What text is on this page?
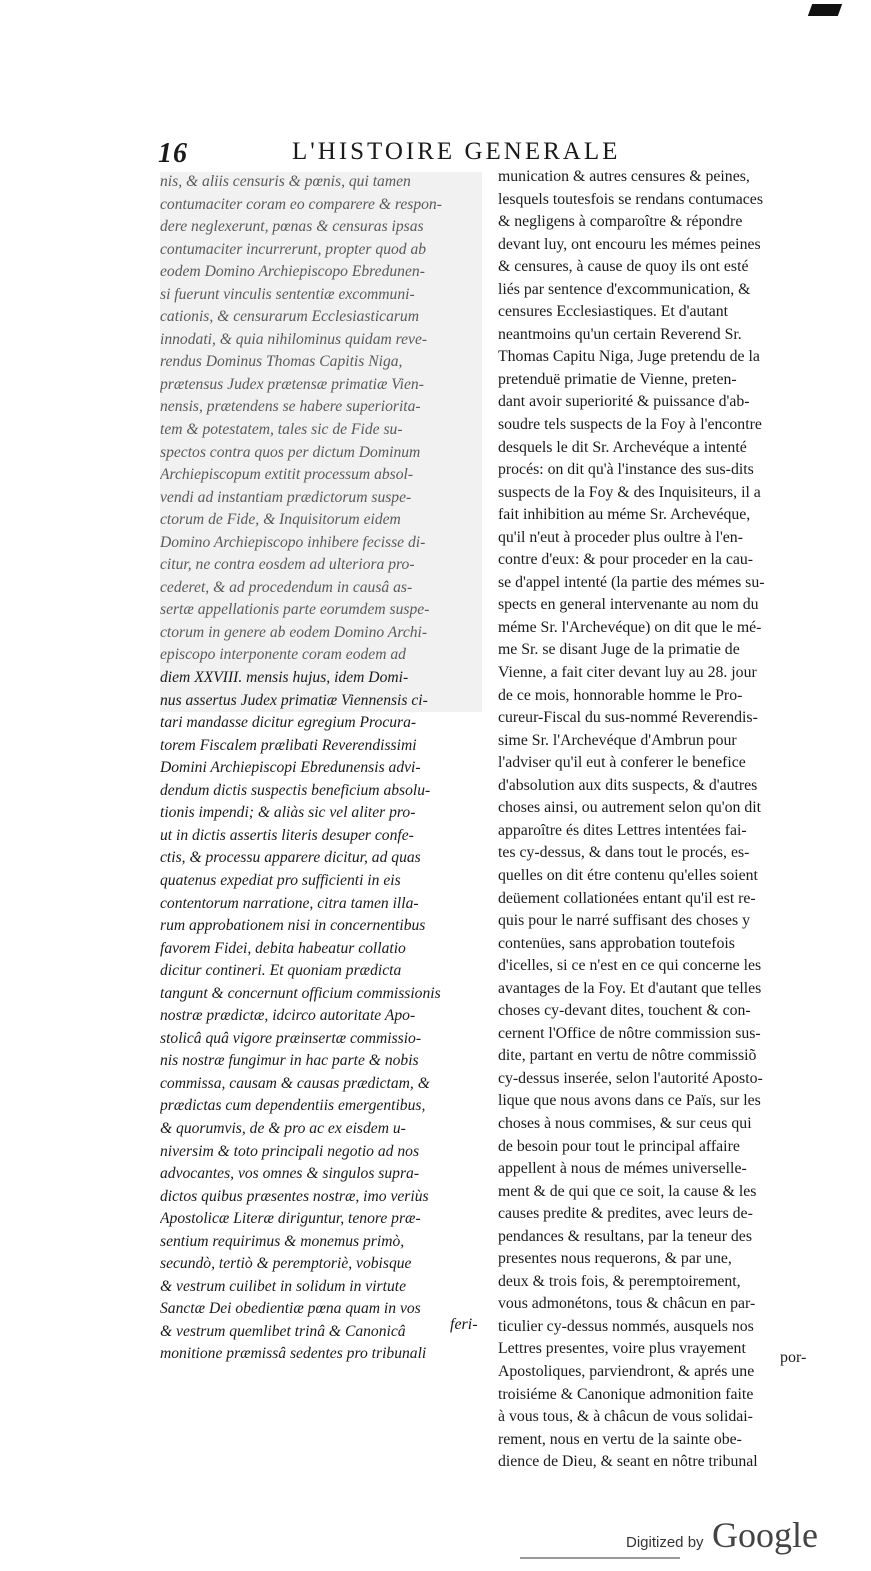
16	L'HISTOIRE GENERALE
nis, & aliis censuris & pœnis, qui tamen
contumaciter coram eo comparere & respon-
dere neglexerunt, pœnas & censuras ipsas
contumaciter incurrerunt, propter quod ab
eodem Domino Archiepiscopo Ebredunen-
si fuerunt vinculis sententiæ excommuni-
cationis, & censurarum Ecclesiasticarum
innodati, & quia nihilominus quidam reve-
rendus Dominus Thomas Capitis Niga,
prætensus Judex prætensæ primatiæ Vien-
nensis, prætendens se habere superiorita-
tem & potestatem, tales sic de Fide su-
spectos contra quos per dictum Dominum
Archiepiscopum extitit processum absol-
vendi ad instantiam prædictorum suspe-
ctorum de Fide, & Inquisitorum eidem
Domino Archiepiscopo inhibere fecisse di-
citur, ne contra eosdem ad ulteriora pro-
cederet, & ad procedendum in causâ as-
sertæ appellationis parte eorumdem suspe-
ctorum in genere ab eodem Domino Archi-
episcopo interponente coram eodem ad
diem XXVIII. mensis hujus, idem Domi-
nus assertus Judex primatiæ Viennensis ci-
tari mandasse dicitur egregium Procura-
torem Fiscalem prælibati Reverendissimi
Domini Archiepiscopi Ebredunensis advi-
dendum dictis suspectis beneficium absolu-
tionis impendi; & aliàs sic vel aliter pro-
ut in dictis assertis literis desuper confe-
ctis, & processu apparere dicitur, ad quas
quatenus expediat pro sufficienti in eis
contentorum narratione, citra tamen illa-
rum approbationem nisi in concernentibus
favorem Fidei, debita habeatur collatio
dicitur contineri. Et quoniam prædicta
tangunt & concernunt officium commissionis
nostræ prædictæ, idcirco autoritate Apo-
stolicâ quâ vigore præinsertæ commissio-
nis nostræ fungimur in hac parte & nobis
commissa, causam & causas prædictam, &
prædictas cum dependentiis emergentibus,
& quorumvis, de & pro ac ex eisdem u-
niversim & toto principali negotio ad nos
advocantes, vos omnes & singulos supra-
dictos quibus præsentes nostræ, imo veriùs
Apostolicæ Literæ diriguntur, tenore præ-
sentium requirimus & monemus primò,
secundò, tertiò & peremptoriè, vobisque
& vestrum cuilibet in solidum in virtute
Sanctæ Dei obedientiæ pœna quam in vos
& vestrum quemlibet trinâ & Canonicâ
monitione præmissâ sedentes pro tribunali
feri-
munication & autres censures & peines,
lesquels toutesfois se rendans contumaces
& negligens à comparoître & répondre
devant luy, ont encouru les mémes peines
& censures, à cause de quoy ils ont esté
liés par sentence d'excommunication, &
censures Ecclesiastiques. Et d'autant
neantmoins qu'un certain Reverend Sr.
Thomas Capitu Niga, Juge pretendu de la
pretenduë primatie de Vienne, preten-
dant avoir superiorité & puissance d'ab-
soudre tels suspects de la Foy à l'encontre
desquels le dit Sr. Archevéque a intenté
procés: on dit qu'à l'instance des sus-dits
suspects de la Foy & des Inquisiteurs, il a
fait inhibition au méme Sr. Archevéque,
qu'il n'eut à proceder plus oultre à l'en-
contre d'eux: & pour proceder en la cau-
se d'appel intenté (la partie des mémes su-
spects en general intervenante au nom du
méme Sr. l'Archevéque) on dit que le mé-
me Sr. se disant Juge de la primatie de
Vienne, a fait citer devant luy au 28. jour
de ce mois, honnorable homme le Pro-
cureur-Fiscal du sus-nommé Reverendis-
sime Sr. l'Archevéque d'Ambrun pour
l'adviser qu'il eut à conferer le benefice
d'absolution aux dits suspects, & d'autres
choses ainsi, ou autrement selon qu'on dit
apparoître és dites Lettres intentées fai-
tes cy-dessus, & dans tout le procés, es-
quelles on dit étre contenu qu'elles soient
deüement collationées entant qu'il est re-
quis pour le narré suffisant des choses y
contenües, sans approbation toutefois
d'icelles, si ce n'est en ce qui concerne les
avantages de la Foy. Et d'autant que telles
choses cy-devant dites, touchent & con-
cernent l'Office de nôtre commission sus-
dite, partant en vertu de nôtre commissiõ
cy-dessus inserée, selon l'autorité Aposto-
lique que nous avons dans ce Païs, sur les
choses à nous commises, & sur ceus qui
de besoin pour tout le principal affaire
appellent à nous de mémes universelle-
ment & de qui que ce soit, la cause & les
causes predite & predites, avec leurs de-
pendances & resultans, par la teneur des
presentes nous requerons, & par une,
deux & trois fois, & peremptoirement,
vous admonétons, tous & châcun en par-
ticulier cy-dessus nommés, ausquels nos
Lettres presentes, voire plus vrayement
Apostoliques, parviendront, & aprés une
troisiéme & Canonique admonition faite
à vous tous, & à châcun de vous solidai-
rement, nous en vertu de la sainte obe-
dience de Dieu, & seant en nôtre tribunal
por-
Digitized by Google
